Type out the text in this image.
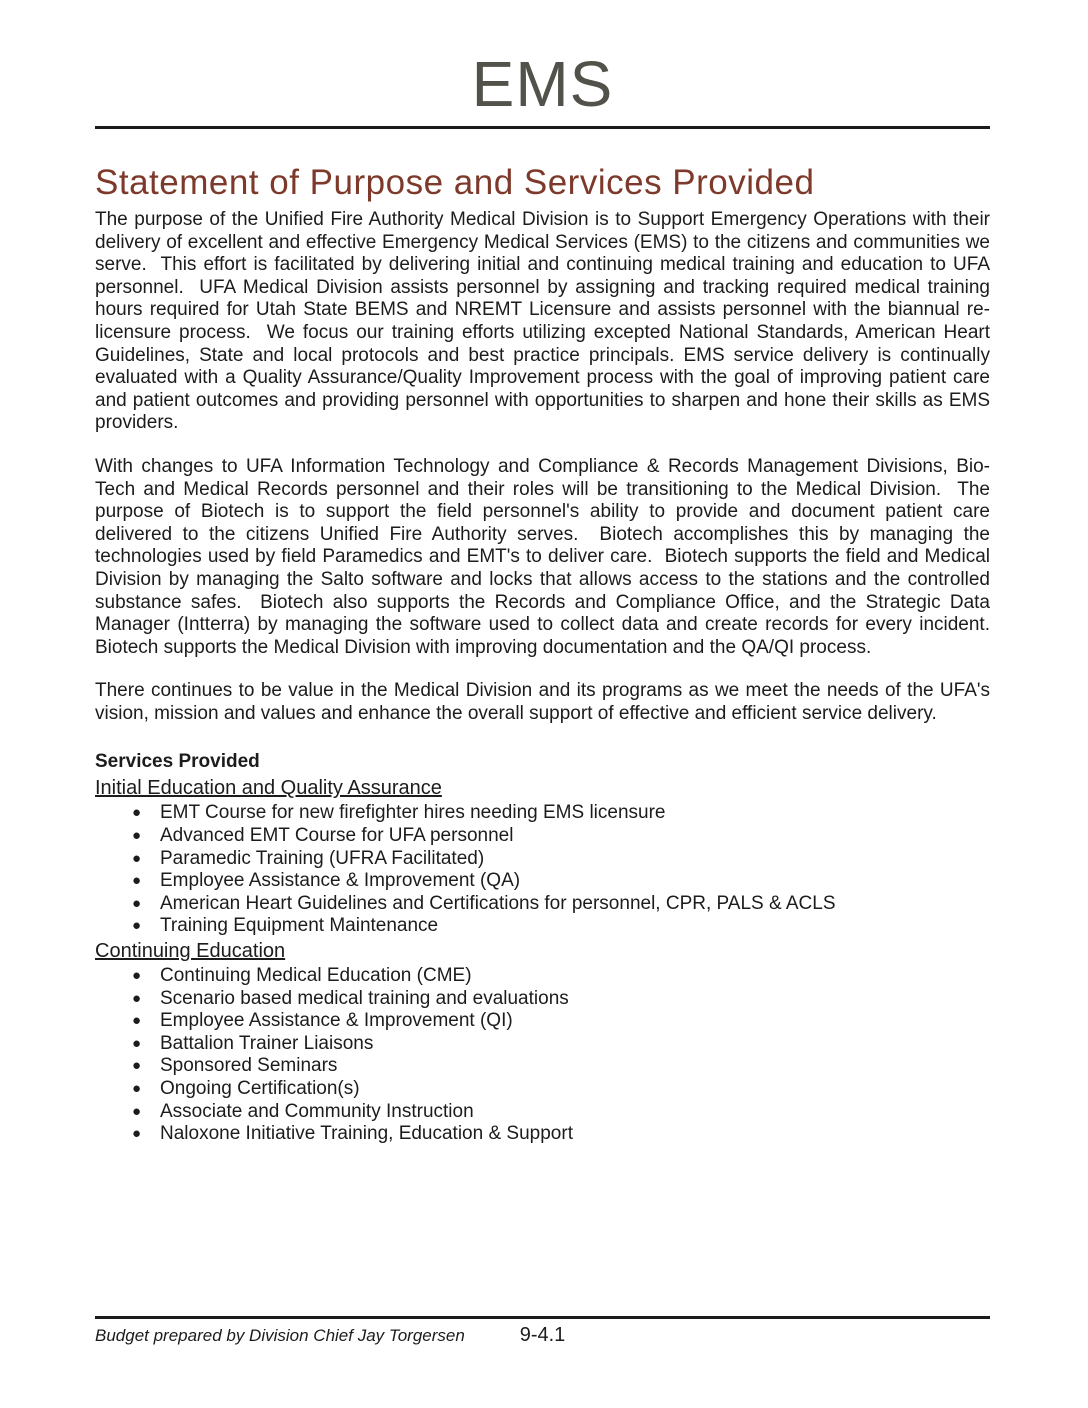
EMS
Statement of Purpose and Services Provided

The purpose of the Unified Fire Authority Medical Division is to Support Emergency Operations with their delivery of excellent and effective Emergency Medical Services (EMS) to the citizens and communities we serve.  This effort is facilitated by delivering initial and continuing medical training and education to UFA personnel.  UFA Medical Division assists personnel by assigning and tracking required medical training hours required for Utah State BEMS and NREMT Licensure and assists personnel with the biannual re-licensure process.  We focus our training efforts utilizing excepted National Standards, American Heart Guidelines, State and local protocols and best practice principals. EMS service delivery is continually evaluated with a Quality Assurance/Quality Improvement process with the goal of improving patient care and patient outcomes and providing personnel with opportunities to sharpen and hone their skills as EMS providers.

With changes to UFA Information Technology and Compliance & Records Management Divisions, Bio-Tech and Medical Records personnel and their roles will be transitioning to the Medical Division.  The purpose of Biotech is to support the field personnel's ability to provide and document patient care delivered to the citizens Unified Fire Authority serves.  Biotech accomplishes this by managing the technologies used by field Paramedics and EMT's to deliver care.  Biotech supports the field and Medical Division by managing the Salto software and locks that allows access to the stations and the controlled substance safes.  Biotech also supports the Records and Compliance Office, and the Strategic Data Manager (Intterra) by managing the software used to collect data and create records for every incident.  Biotech supports the Medical Division with improving documentation and the QA/QI process.

There continues to be value in the Medical Division and its programs as we meet the needs of the UFA's vision, mission and values and enhance the overall support of effective and efficient service delivery.

Services Provided
Initial Education and Quality Assurance
● EMT Course for new firefighter hires needing EMS licensure
● Advanced EMT Course for UFA personnel
● Paramedic Training (UFRA Facilitated)
● Employee Assistance & Improvement (QA)
● American Heart Guidelines and Certifications for personnel, CPR, PALS & ACLS
● Training Equipment Maintenance
Continuing Education
● Continuing Medical Education (CME)
● Scenario based medical training and evaluations
● Employee Assistance & Improvement (QI)
● Battalion Trainer Liaisons
● Sponsored Seminars
● Ongoing Certification(s)
● Associate and Community Instruction
● Naloxone Initiative Training, Education & Support
Budget prepared by Division Chief Jay Torgersen	9-4.1
